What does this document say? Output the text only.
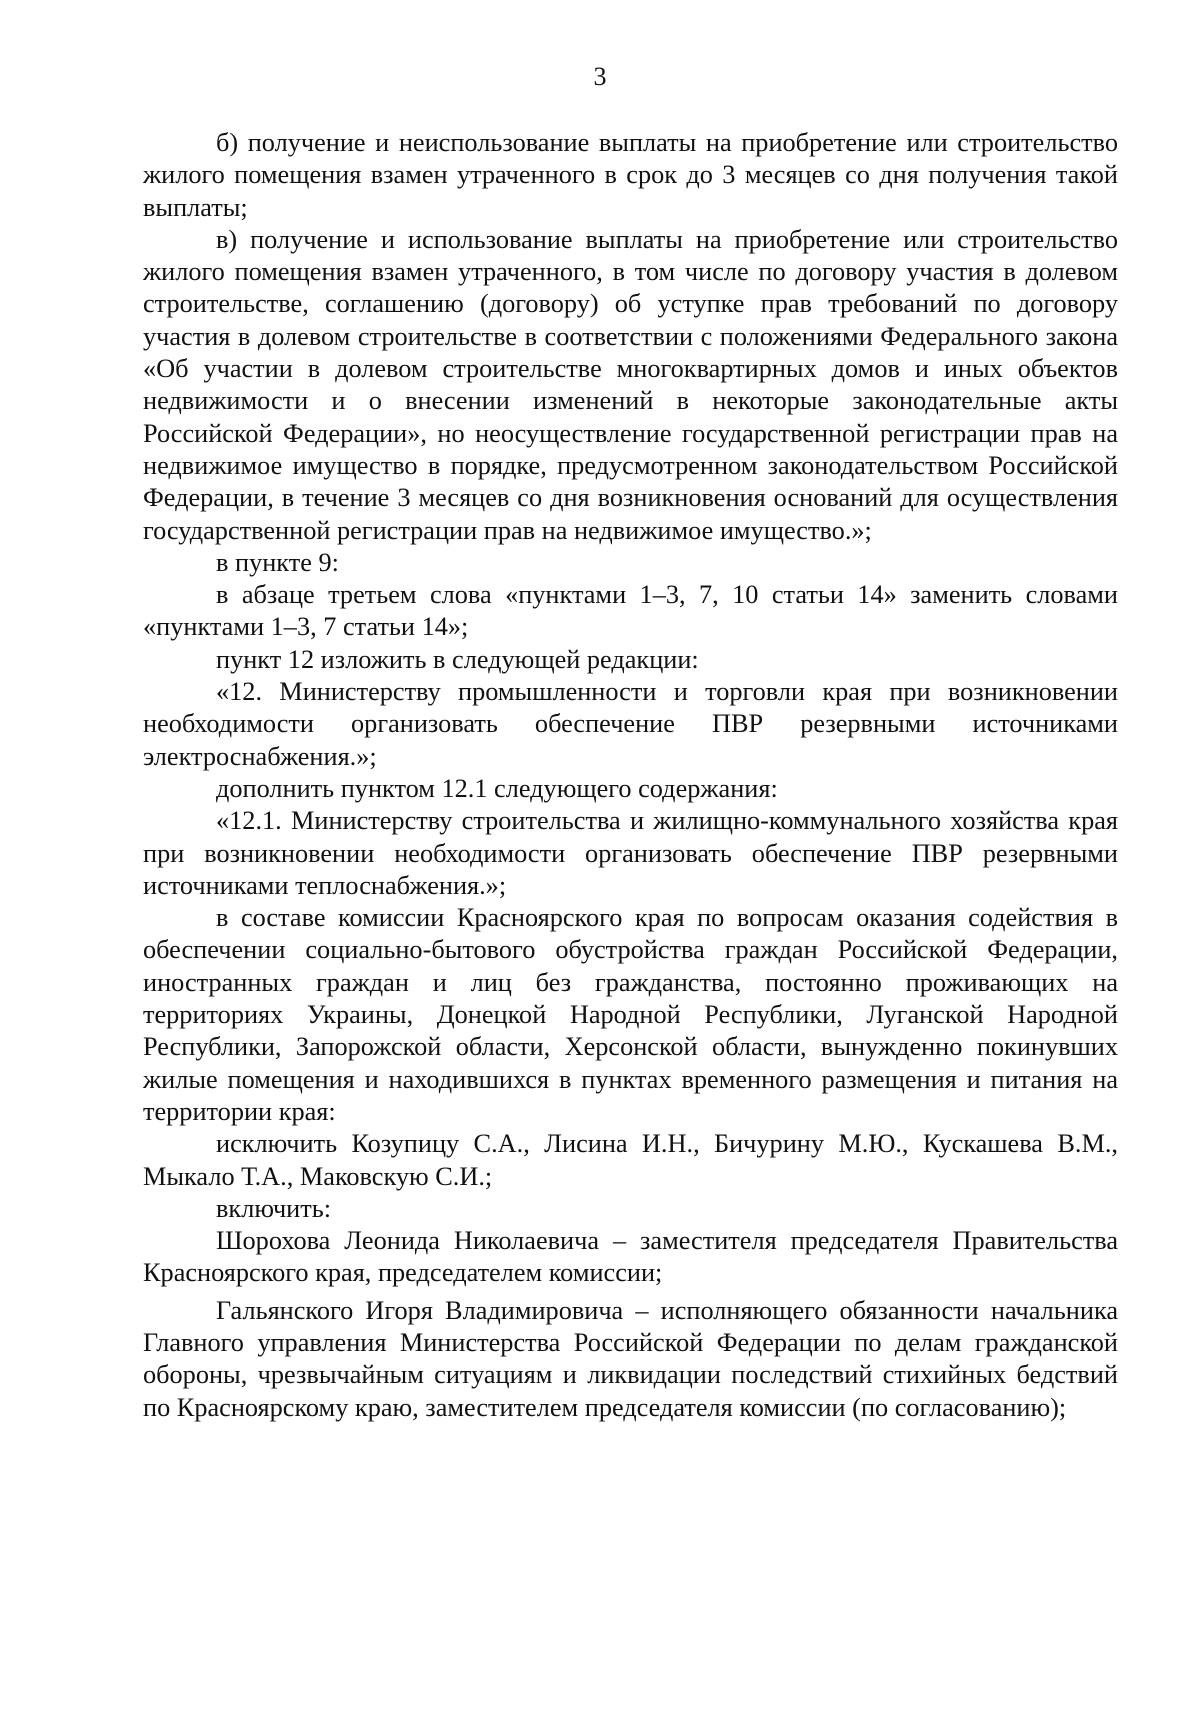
3

б) получение и неиспользование выплаты на приобретение или строительство жилого помещения взамен утраченного в срок до 3 месяцев со дня получения такой выплаты;

в) получение и использование выплаты на приобретение или строительство жилого помещения взамен утраченного, в том числе по договору участия в долевом строительстве, соглашению (договору) об уступке прав требований по договору участия в долевом строительстве в соответствии с положениями Федерального закона «Об участии в долевом строительстве многоквартирных домов и иных объектов недвижимости и о внесении изменений в некоторые законодательные акты Российской Федерации», но неосуществление государственной регистрации прав на недвижимое имущество в порядке, предусмотренном законодательством Российской Федерации, в течение 3 месяцев со дня возникновения оснований для осуществления государственной регистрации прав на недвижимое имущество.»;

в пункте 9:

в абзаце третьем слова «пунктами 1–3, 7, 10 статьи 14» заменить словами «пунктами 1–3, 7 статьи 14»;

пункт 12 изложить в следующей редакции:

«12. Министерству промышленности и торговли края при возникновении необходимости организовать обеспечение ПВР резервными источниками электроснабжения.»;

дополнить пунктом 12.1 следующего содержания:

«12.1. Министерству строительства и жилищно-коммунального хозяйства края при возникновении необходимости организовать обеспечение ПВР резервными источниками теплоснабжения.»;

в составе комиссии Красноярского края по вопросам оказания содействия в обеспечении социально-бытового обустройства граждан Российской Федерации, иностранных граждан и лиц без гражданства, постоянно проживающих на территориях Украины, Донецкой Народной Республики, Луганской Народной Республики, Запорожской области, Херсонской области, вынужденно покинувших жилые помещения и находившихся в пунктах временного размещения и питания на территории края:

исключить Козупицу С.А., Лисина И.Н., Бичурину М.Ю., Кускашева В.М., Мыкало Т.А., Маковскую С.И.;

включить:

Шорохова Леонида Николаевича – заместителя председателя Правительства Красноярского края, председателем комиссии;

Гальянского Игоря Владимировича – исполняющего обязанности начальника Главного управления Министерства Российской Федерации по делам гражданской обороны, чрезвычайным ситуациям и ликвидации последствий стихийных бедствий по Красноярскому краю, заместителем председателя комиссии (по согласованию);
